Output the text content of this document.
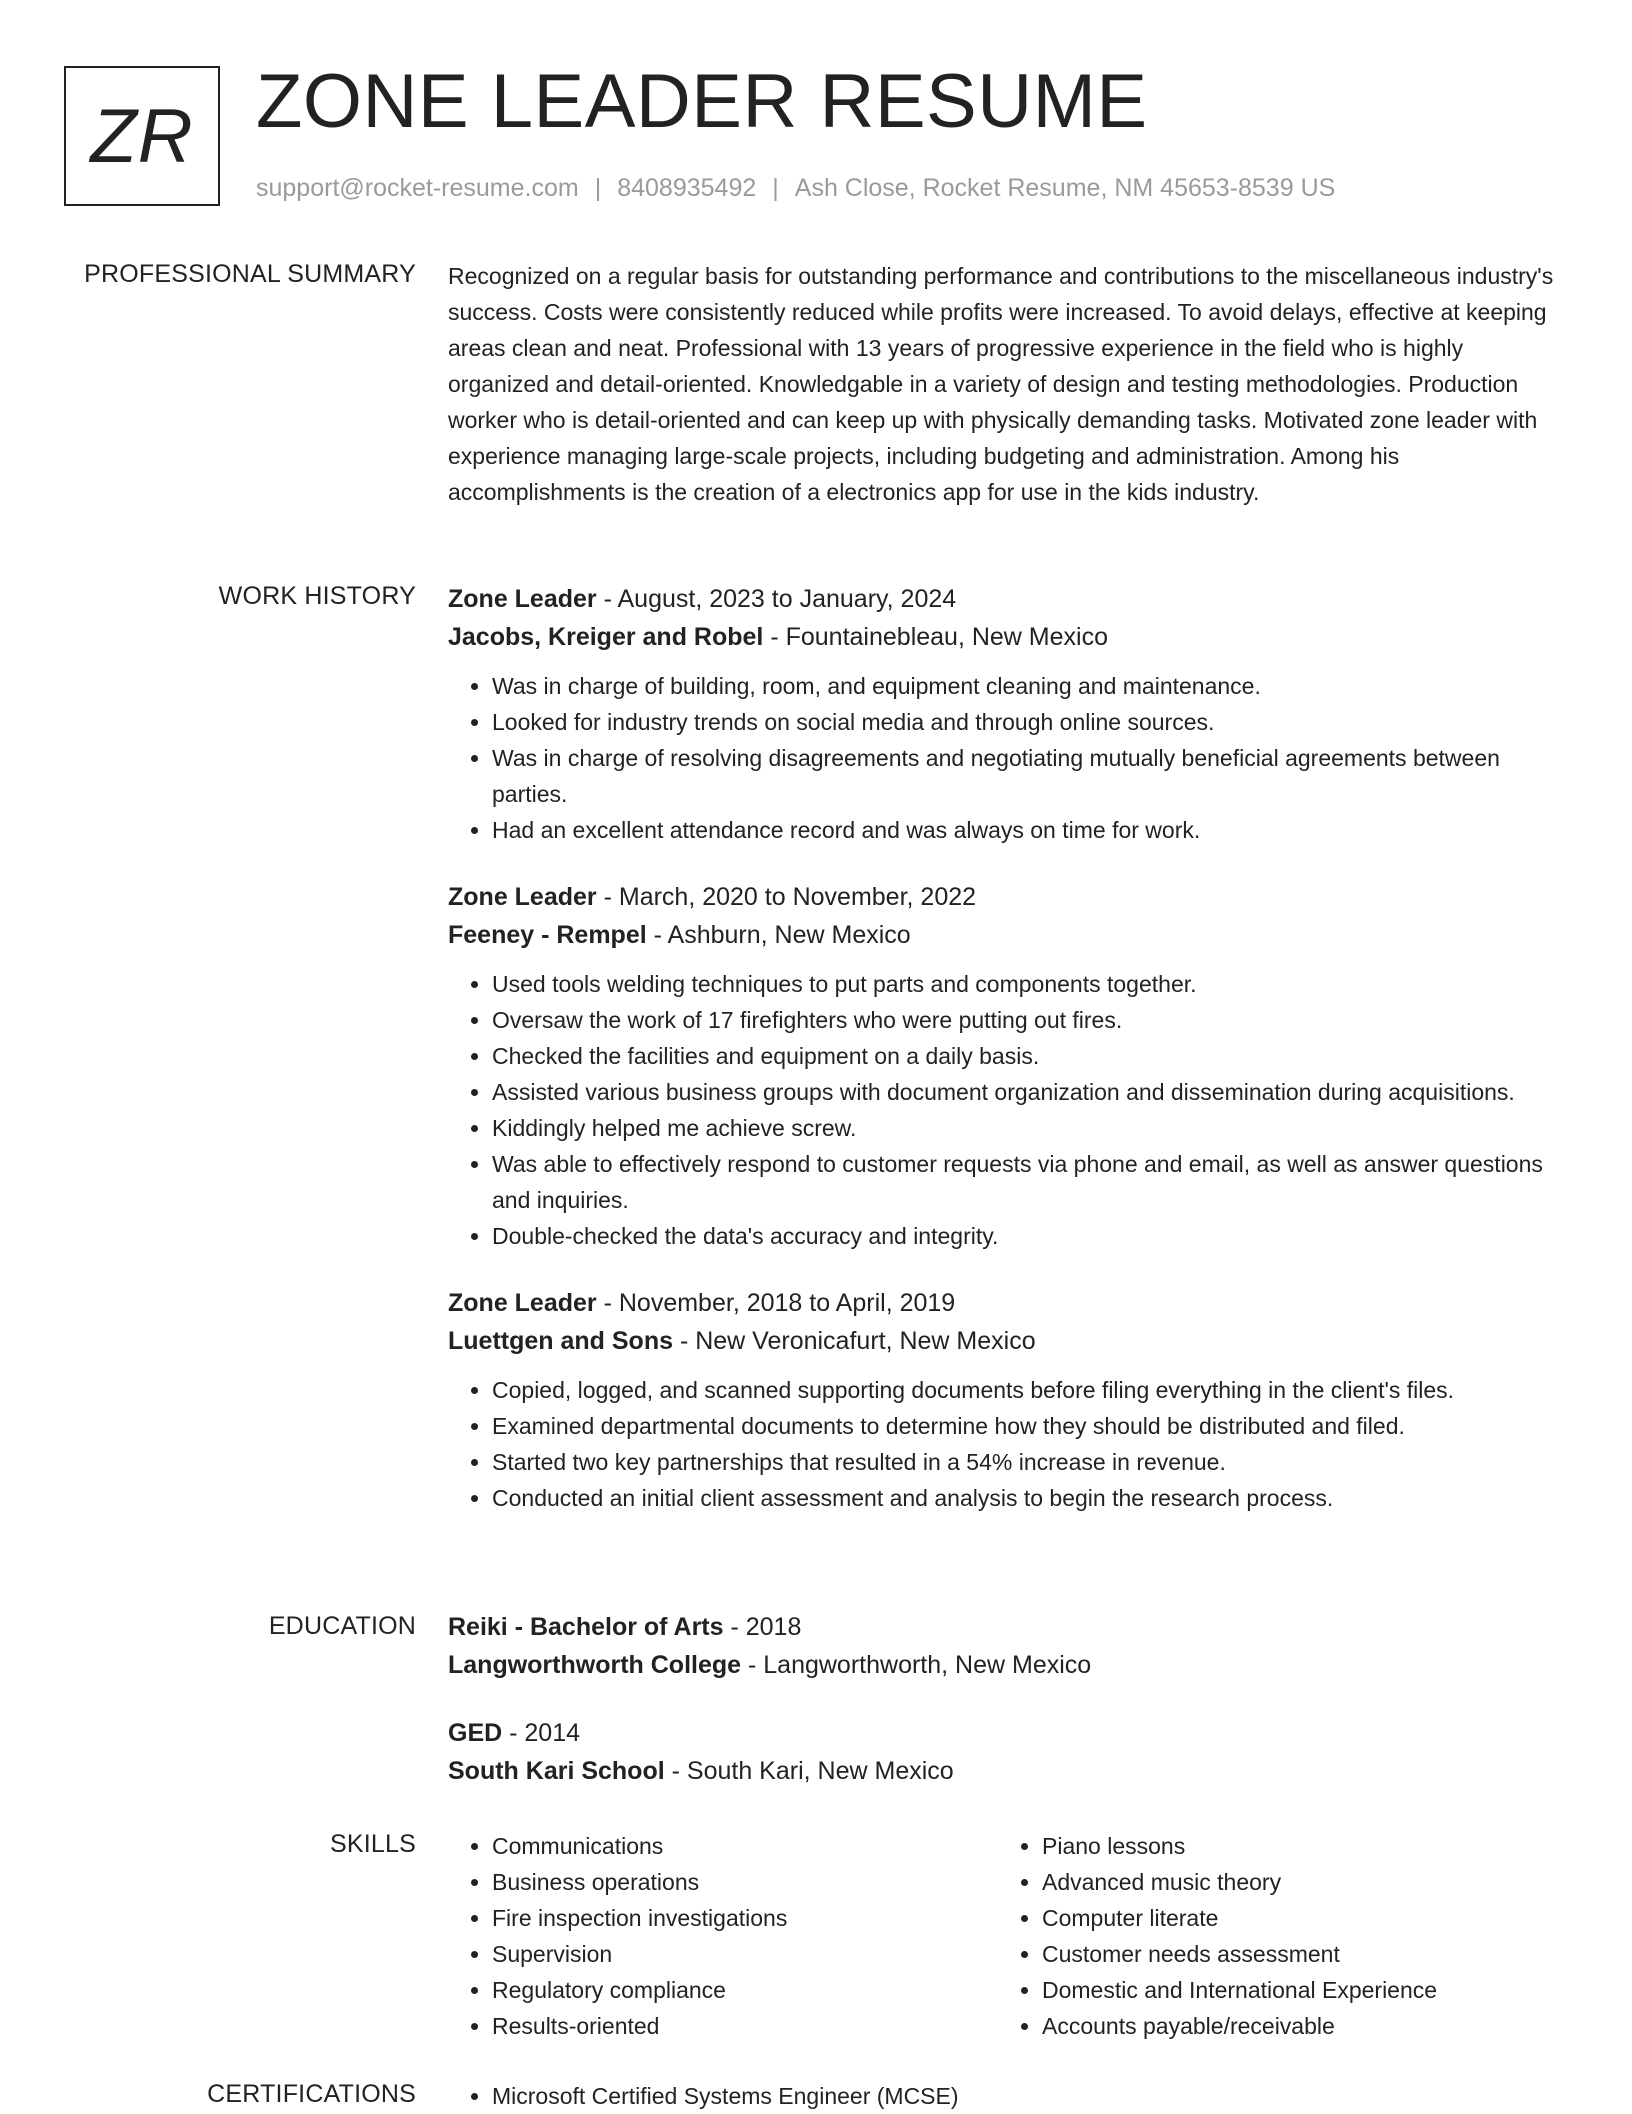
ZR ZONE LEADER RESUME
support@rocket-resume.com | 8408935492 | Ash Close, Rocket Resume, NM 45653-8539 US
PROFESSIONAL SUMMARY Recognized on a regular basis for outstanding performance and contributions to the miscellaneous industry's success. Costs were consistently reduced while profits were increased. To avoid delays, effective at keeping areas clean and neat. Professional with 13 years of progressive experience in the field who is highly organized and detail-oriented. Knowledgable in a variety of design and testing methodologies. Production worker who is detail-oriented and can keep up with physically demanding tasks. Motivated zone leader with experience managing large-scale projects, including budgeting and administration. Among his accomplishments is the creation of a electronics app for use in the kids industry.

WORK HISTORY Zone Leader - August, 2023 to January, 2024

Jacobs, Kreiger and Robel - Fountainebleau, New Mexico

• Was in charge of building, room, and equipment cleaning and maintenance.
• Looked for industry trends on social media and through online sources.
• Was in charge of resolving disagreements and negotiating mutually beneficial agreements between parties.
• Had an excellent attendance record and was always on time for work.

Zone Leader - March, 2020 to November, 2022

Feeney - Rempel - Ashburn, New Mexico

• Used tools welding techniques to put parts and components together.
• Oversaw the work of 17 firefighters who were putting out fires.
• Checked the facilities and equipment on a daily basis.
• Assisted various business groups with document organization and dissemination during acquisitions.
• Kiddingly helped me achieve screw.
• Was able to effectively respond to customer requests via phone and email, as well as answer questions and inquiries.
• Double-checked the data's accuracy and integrity.

Zone Leader - November, 2018 to April, 2019

Luettgen and Sons - New Veronicafurt, New Mexico

• Copied, logged, and scanned supporting documents before filing everything in the client's files.
• Examined departmental documents to determine how they should be distributed and filed.
• Started two key partnerships that resulted in a 54% increase in revenue.
• Conducted an initial client assessment and analysis to begin the research process.
EDUCATION Reiki - Bachelor of Arts - 2018

Langworthworth College - Langworthworth, New Mexico

GED - 2014

South Kari School - South Kari, New Mexico

SKILLS	• Communications
• Business operations
• Fire inspection investigations
• Supervision
• Regulatory compliance
• Results-oriented
• Piano lessons
• Advanced music theory
• Computer literate
• Customer needs assessment
• Domestic and International Experience
• Accounts payable/receivable
CERTIFICATIONS	• Microsoft Certified Systems Engineer (MCSE)
